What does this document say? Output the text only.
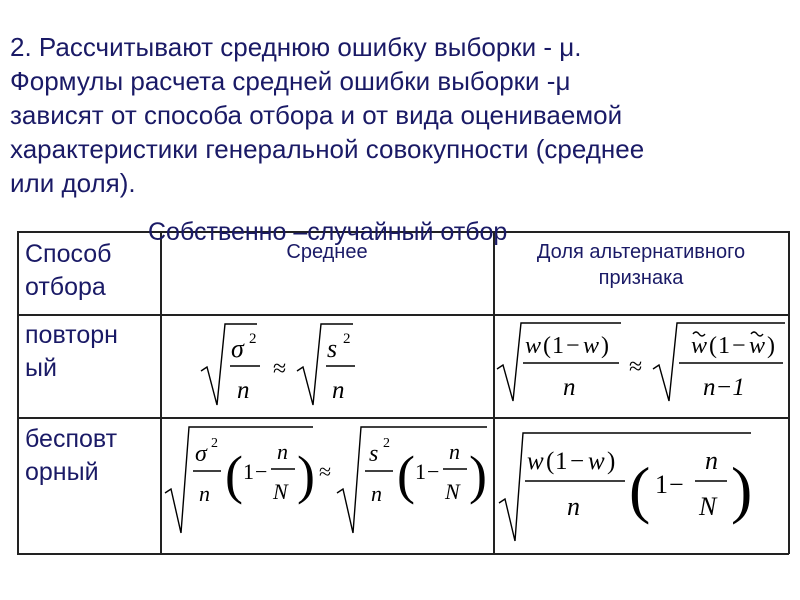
2. Рассчитывают среднюю ошибку выборки - μ.
Формулы расчета средней ошибки выборки -μ
зависят от способа отбора и от вида оцениваемой
характеристики генеральной совокупности (среднее
или доля).
Собственно –случайный отбор
Способ
отбора
Среднее	Доля альтернативного
признака
повторн
ый
бесповт
орный
σ 2
n
≈
s 2
n
w ( 1 − w )
n
≈
w ( 1 − w )
n−1
σ 2
n ( 1 −
n
N ) ≈
s 2
n ( 1 −
n
N ) w ( 1 − w )
n ( 1 −
n
N )
